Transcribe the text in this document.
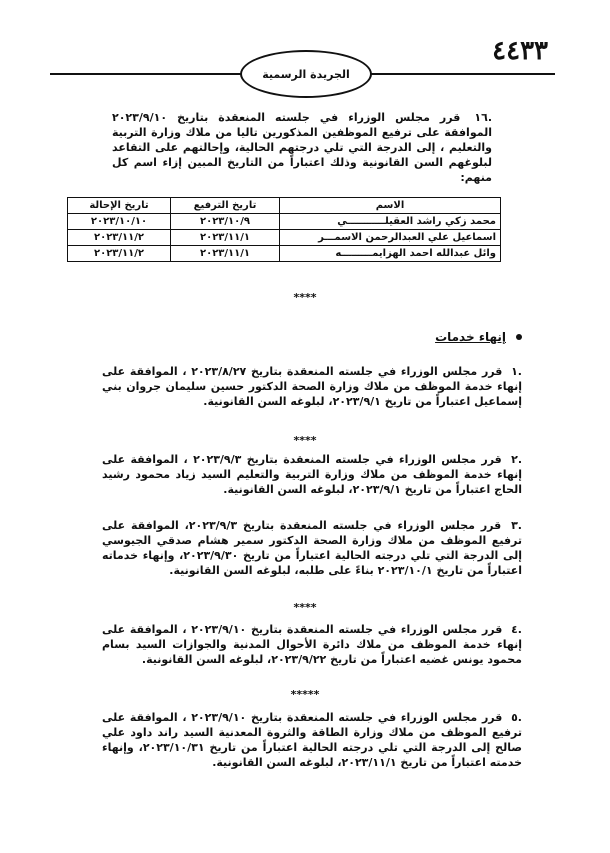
٤٤٣٣
الجريدة الرسمية
.١٦ قرر مجلس الوزراء في جلسته المنعقدة بتاريخ ٢٠٢٣/٩/١٠ الموافقة على ترفيع الموظفين المذكورين تاليا من ملاك وزارة التربية والتعليم ، إلى الدرجة التي تلي درجتهم الحالية، وإحالتهم على التقاعد لبلوغهم السن القانونية وذلك اعتباراً من التاريخ المبين إزاء اسم كل منهم:
الاسم	تاريخ الترفيع	تاريخ الإحالة
محمد زكي راشد العقيلـــــــــــي	٢٠٢٣/١٠/٩	٢٠٢٣/١٠/١٠
اسماعيل علي العبدالرحمن الاسمـــر	٢٠٢٣/١١/١	٢٠٢٣/١١/٢
وائل عبدالله احمد الهزايمـــــــــه	٢٠٢٣/١١/١	٢٠٢٣/١١/٢
****
إنهاء خدمات
.١ قرر مجلس الوزراء في جلسته المنعقدة بتاريخ ٢٠٢٣/٨/٢٧ ، الموافقة على إنهاء خدمة الموظف من ملاك وزارة الصحة الدكتور حسين سليمان جروان بني إسماعيل اعتباراً من تاريخ ٢٠٢٣/٩/١، لبلوغه السن القانونية.
****
.٢ قرر مجلس الوزراء في جلسته المنعقدة بتاريخ ٢٠٢٣/٩/٣ ، الموافقة على إنهاء خدمة الموظف من ملاك وزارة التربية والتعليم السيد زياد محمود رشيد الحاج اعتباراً من تاريخ ٢٠٢٣/٩/١، لبلوغه السن القانونية.
.٣ قرر مجلس الوزراء في جلسته المنعقدة بتاريخ ٢٠٢٣/٩/٣، الموافقة على ترفيع الموظف من ملاك وزارة الصحة الدكتور سمير هشام صدقي الجيوسي إلى الدرجة التي تلي درجته الحالية اعتباراً من تاريخ ٢٠٢٣/٩/٣٠، وإنهاء خدماته اعتباراً من تاريخ ٢٠٢٣/١٠/١ بناءً على طلبه، لبلوغه السن القانونية.
****
.٤ قرر مجلس الوزراء في جلسته المنعقدة بتاريخ ٢٠٢٣/٩/١٠ ، الموافقة على إنهاء خدمة الموظف من ملاك دائرة الأحوال المدنية والجوازات السيد بسام محمود يونس غضيه اعتباراً من تاريخ ٢٠٢٣/٩/٢٢، لبلوغه السن القانونية.
*****
.٥ قرر مجلس الوزراء في جلسته المنعقدة بتاريخ ٢٠٢٣/٩/١٠ ، الموافقة على ترفيع الموظف من ملاك وزارة الطاقة والثروة المعدنية السيد راند داود علي صالح إلى الدرجة التي تلي درجته الحالية اعتباراً من تاريخ ٢٠٢٣/١٠/٣١، وإنهاء خدمته اعتباراً من تاريخ ٢٠٢٣/١١/١، لبلوغه السن القانونية.
